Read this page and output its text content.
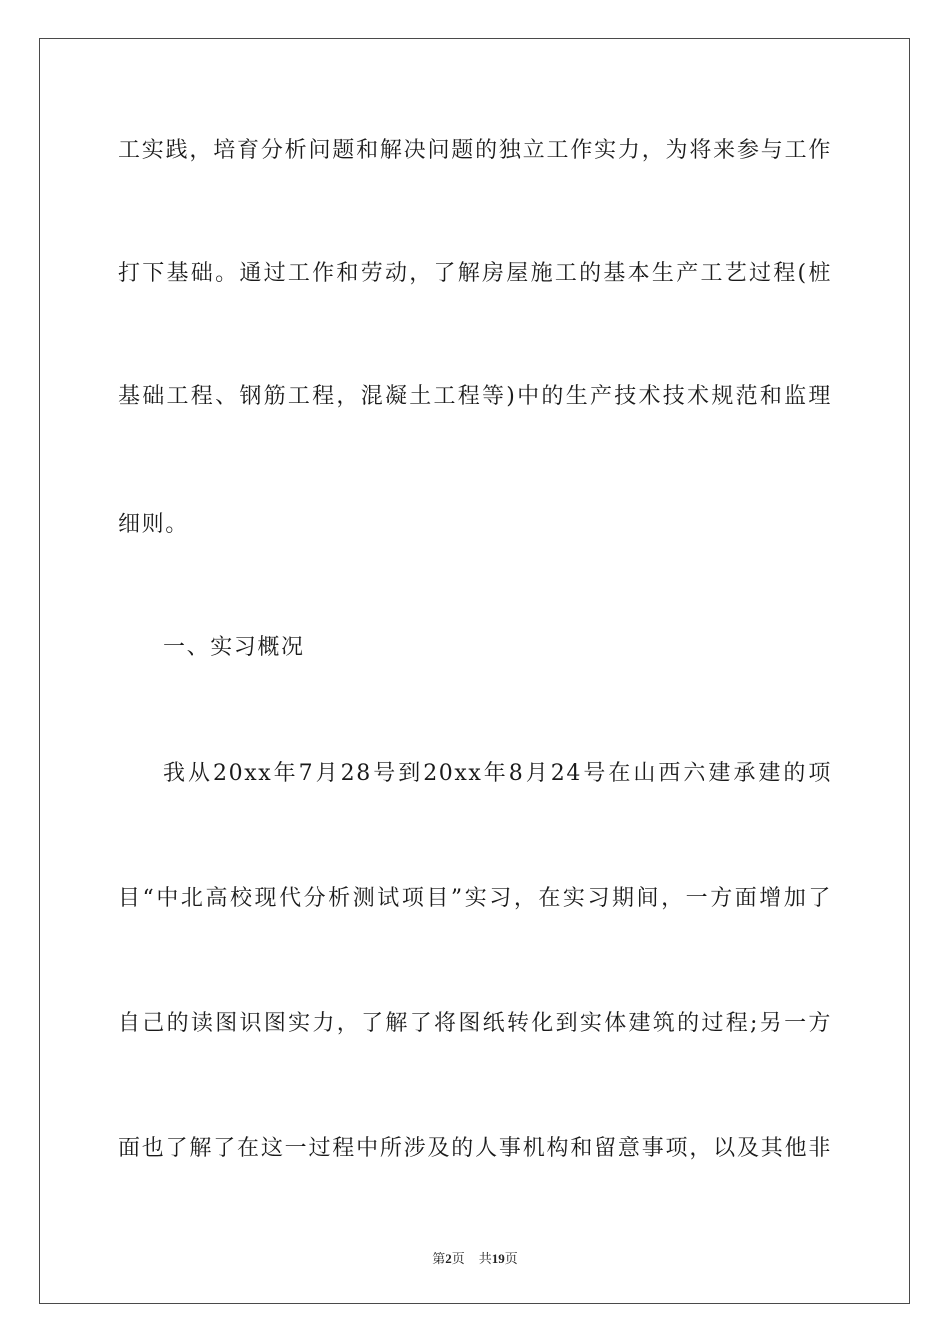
工实践，培育分析问题和解决问题的独立工作实力，为将来参与工作
打下基础。通过工作和劳动，了解房屋施工的基本生产工艺过程(桩
基础工程、钢筋工程，混凝土工程等)中的生产技术技术规范和监理
细则。
一、实习概况
我从20xx年7月28号到20xx年8月24号在山西六建承建的项
目“中北高校现代分析测试项目”实习，在实习期间，一方面增加了
自己的读图识图实力，了解了将图纸转化到实体建筑的过程;另一方
面也了解了在这一过程中所涉及的人事机构和留意事项，以及其他非
第2页 共19页
